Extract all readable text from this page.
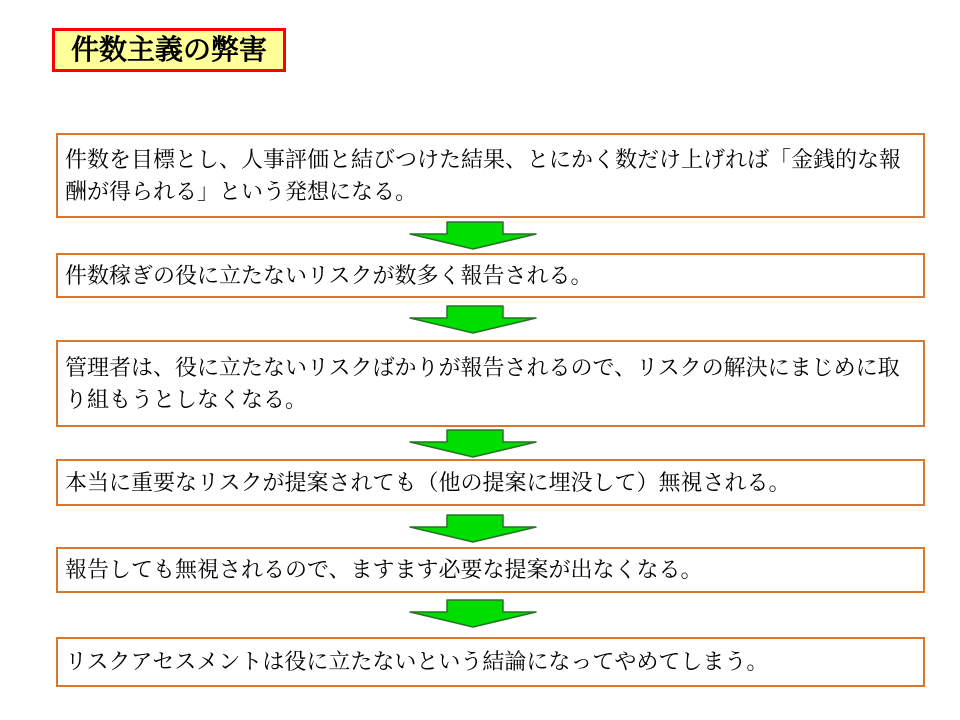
件数主義の弊害
件数を目標とし、人事評価と結びつけた結果、とにかく数だけ上げれば「金銭的な報酬が得られる」という発想になる。
件数稼ぎの役に立たないリスクが数多く報告される。
管理者は、役に立たないリスクばかりが報告されるので、リスクの解決にまじめに取り組もうとしなくなる。
本当に重要なリスクが提案されても（他の提案に埋没して）無視される。
報告しても無視されるので、ますます必要な提案が出なくなる。
リスクアセスメントは役に立たないという結論になってやめてしまう。
